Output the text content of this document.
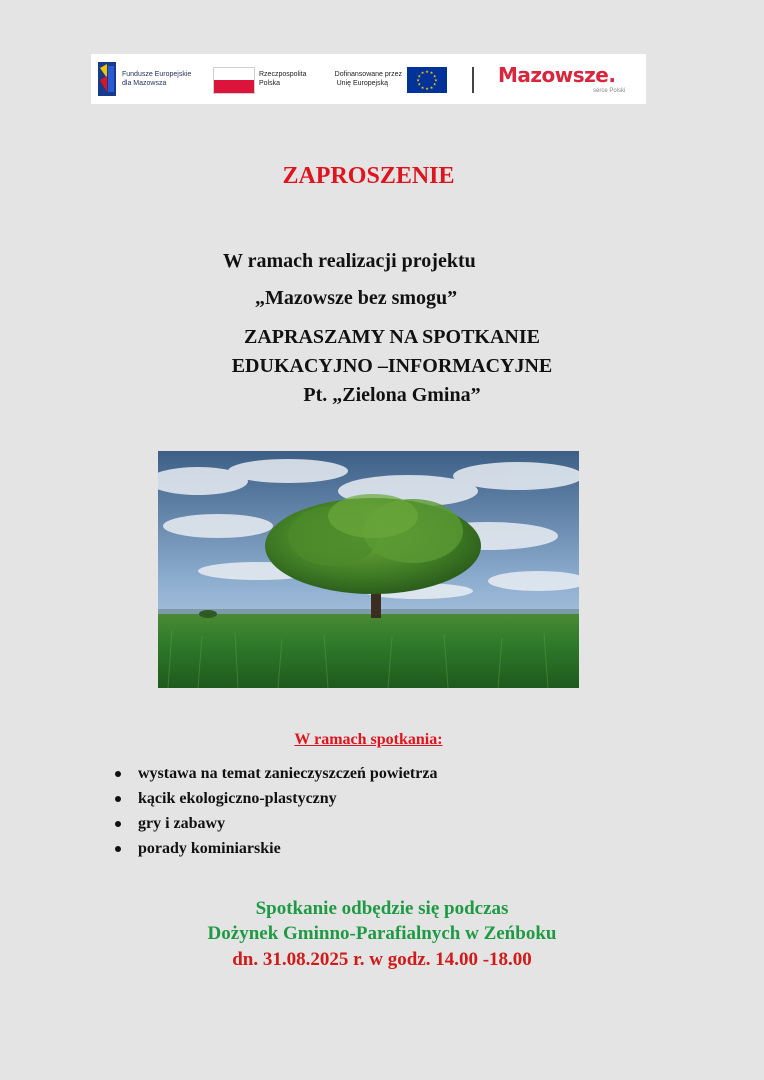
Fundusze Europejskie
dla Mazowsza
Rzeczpospolita
Polska
Dofinansowane przez
Unię Europejską
★ ★
★
★
★
★
★
★
★
★
★
★	Mazowsze.
serce Polski
ZAPROSZENIE
W ramach realizacji projektu
„Mazowsze bez smogu”
ZAPRASZAMY NA SPOTKANIE
EDUKACYJNO –INFORMACYJNE
Pt. „Zielona Gmina”
W ramach spotkania:
wystawa na temat zanieczyszczeń powietrza
kącik ekologiczno-plastyczny
gry i zabawy
porady kominiarskie
Spotkanie odbędzie się podczas
Dożynek Gminno-Parafialnych w Zeńboku
dn. 31.08.2025 r. w godz. 14.00 -18.00
